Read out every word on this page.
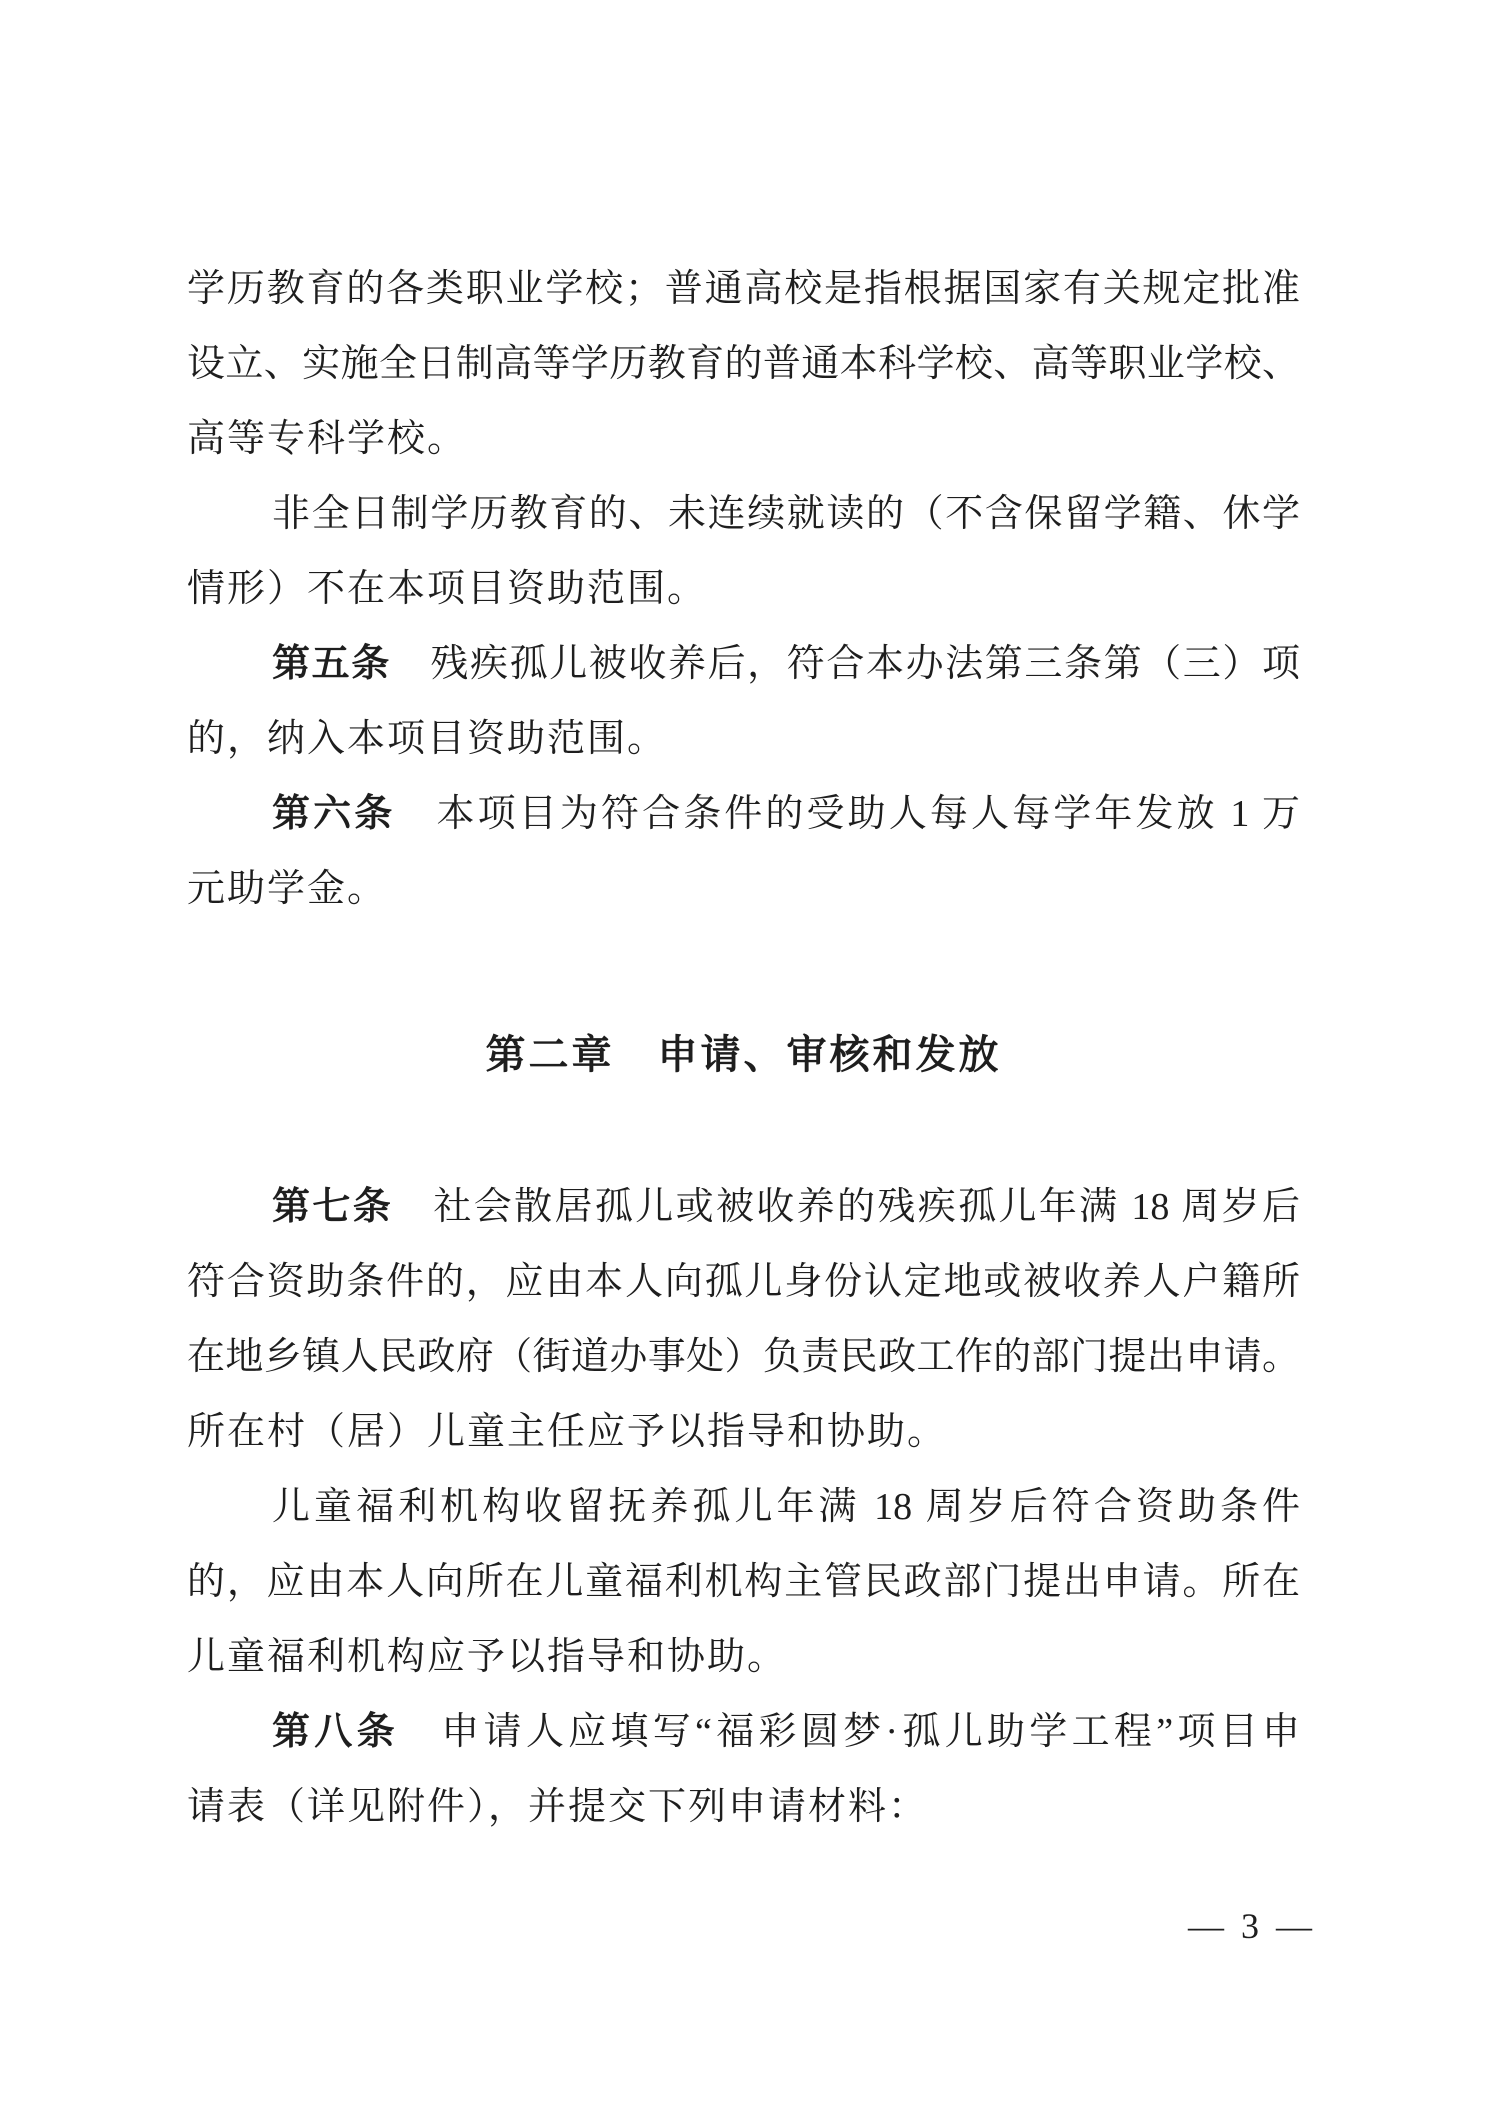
学历教育的各类职业学校；普通高校是指根据国家有关规定批准
设立、实施全日制高等学历教育的普通本科学校、高等职业学校、
高等专科学校。
非全日制学历教育的、未连续就读的（不含保留学籍、休学
情形）不在本项目资助范围。
第五条　残疾孤儿被收养后，符合本办法第三条第（三）项
的，纳入本项目资助范围。
第六条　本项目为符合条件的受助人每人每学年发放 1 万
元助学金。
第二章　申请、审核和发放
第七条　社会散居孤儿或被收养的残疾孤儿年满 18 周岁后
符合资助条件的，应由本人向孤儿身份认定地或被收养人户籍所
在地乡镇人民政府（街道办事处）负责民政工作的部门提出申请。
所在村（居）儿童主任应予以指导和协助。
儿童福利机构收留抚养孤儿年满 18 周岁后符合资助条件
的，应由本人向所在儿童福利机构主管民政部门提出申请。所在
儿童福利机构应予以指导和协助。
第八条　申请人应填写“福彩圆梦·孤儿助学工程”项目申
请表（详见附件），并提交下列申请材料：
— 3 —
